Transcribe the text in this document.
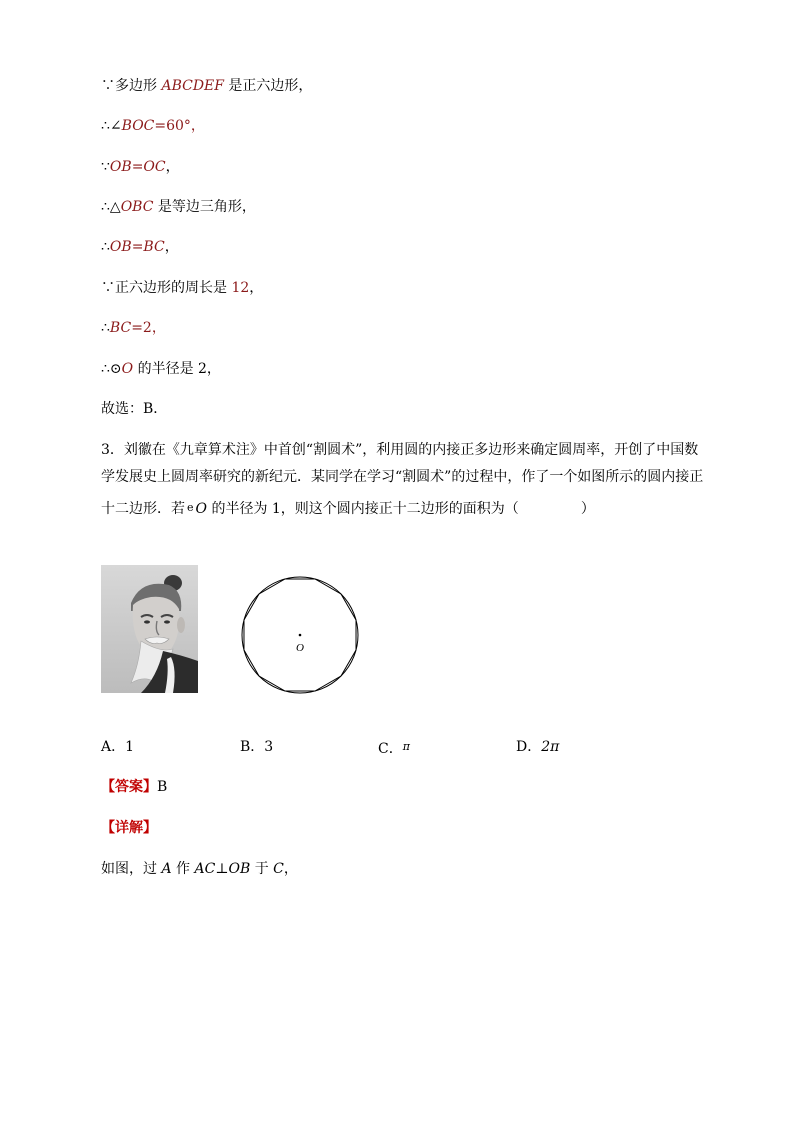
∵多边形 ABCDEF 是正六边形，
∴∠BOC=60°，
∵OB=OC，
∴△OBC 是等边三角形，
∴OB=BC，
∵正六边形的周长是 12，
∴BC=2，
∴⊙O 的半径是 2，
故选：B．
3．刘徽在《九章算术注》中首创“割圆术”，利用圆的内接正多边形来确定圆周率，开创了中国数
学发展史上圆周率研究的新纪元．某同学在学习“割圆术”的过程中，作了一个如图所示的圆内接正
十二边形．若 e O 的半径为 1，则这个圆内接正十二边形的面积为（	）
O
A．1	B．3	C．$^\pi$	D．2π
【答案】B
【详解】
如图，过 A 作 AC⊥OB 于 C，
